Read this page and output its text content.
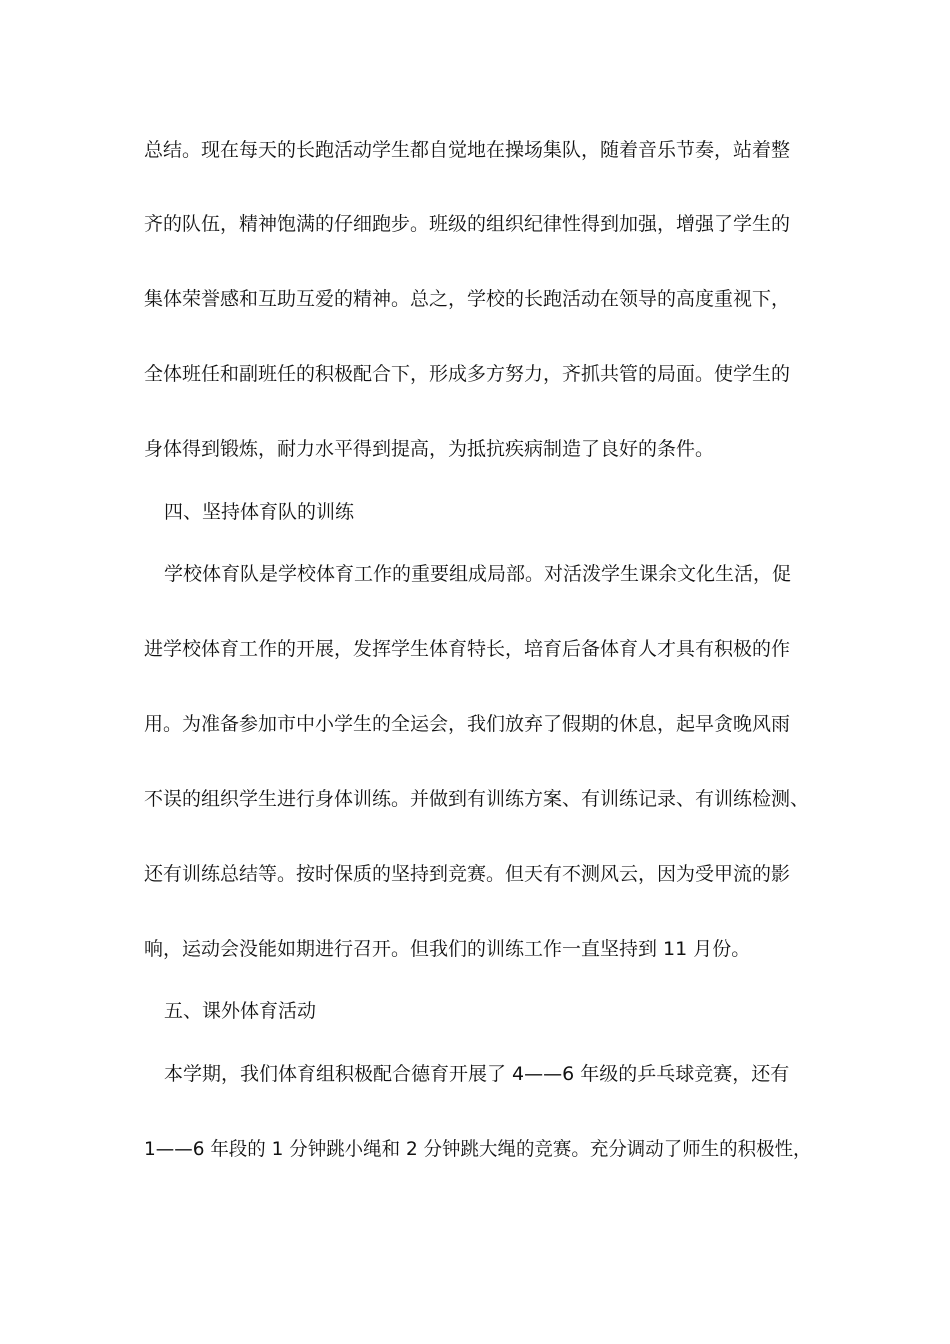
总结。现在每天的长跑活动学生都自觉地在操场集队，随着音乐节奏，站着整
齐的队伍，精神饱满的仔细跑步。班级的组织纪律性得到加强，增强了学生的
集体荣誉感和互助互爱的精神。总之，学校的长跑活动在领导的高度重视下，
全体班任和副班任的积极配合下，形成多方努力，齐抓共管的局面。使学生的
身体得到锻炼，耐力水平得到提高，为抵抗疾病制造了良好的条件。
四、坚持体育队的训练
学校体育队是学校体育工作的重要组成局部。对活泼学生课余文化生活，促
进学校体育工作的开展，发挥学生体育特长，培育后备体育人才具有积极的作
用。为准备参加市中小学生的全运会，我们放弃了假期的休息，起早贪晚风雨
不误的组织学生进行身体训练。并做到有训练方案、有训练记录、有训练检测、
还有训练总结等。按时保质的坚持到竞赛。但天有不测风云，因为受甲流的影
响，运动会没能如期进行召开。但我们的训练工作一直坚持到 11 月份。
五、课外体育活动
本学期，我们体育组积极配合德育开展了 4——6 年级的乒乓球竞赛，还有
1——6 年段的 1 分钟跳小绳和 2 分钟跳大绳的竞赛。充分调动了师生的积极性，
